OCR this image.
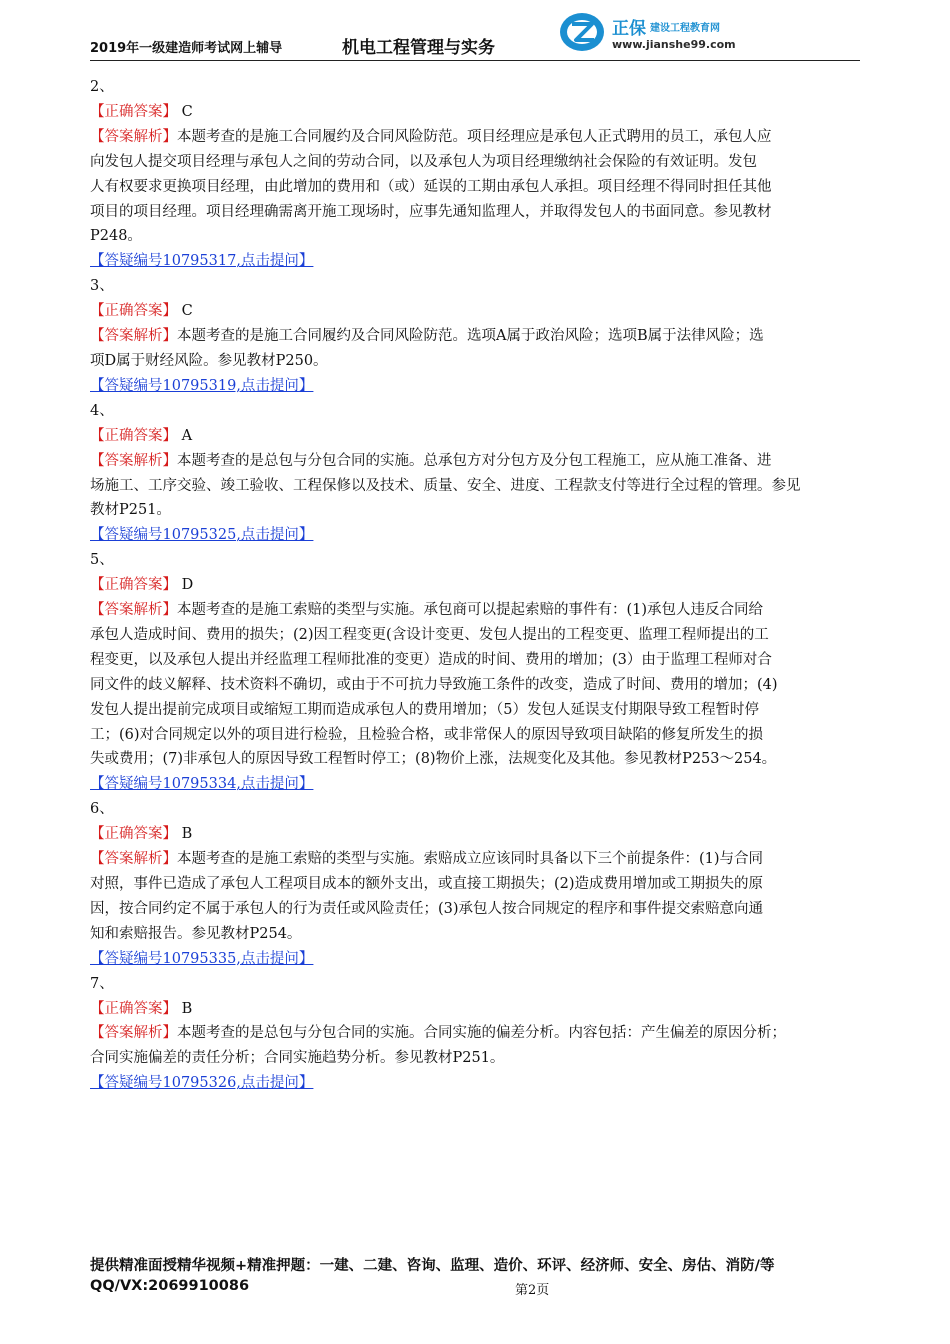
2019年一级建造师考试网上辅导	机电工程管理与实务
正保 建设工程教育网
www.jianshe99.com
2、
【正确答案】 C
【答案解析】本题考查的是施工合同履约及合同风险防范。项目经理应是承包人正式聘用的员工，承包人应
向发包人提交项目经理与承包人之间的劳动合同，以及承包人为项目经理缴纳社会保险的有效证明。发包
人有权要求更换项目经理，由此增加的费用和（或）延误的工期由承包人承担。项目经理不得同时担任其他
项目的项目经理。项目经理确需离开施工现场时，应事先通知监理人，并取得发包人的书面同意。参见教材
P248。
【答疑编号10795317,点击提问】
3、
【正确答案】 C
【答案解析】本题考查的是施工合同履约及合同风险防范。选项A属于政治风险；选项B属于法律风险；选
项D属于财经风险。参见教材P250。
【答疑编号10795319,点击提问】
4、
【正确答案】 A
【答案解析】本题考查的是总包与分包合同的实施。总承包方对分包方及分包工程施工，应从施工准备、进
场施工、工序交验、竣工验收、工程保修以及技术、质量、安全、进度、工程款支付等进行全过程的管理。参见
教材P251。
【答疑编号10795325,点击提问】
5、
【正确答案】 D
【答案解析】本题考查的是施工索赔的类型与实施。承包商可以提起索赔的事件有：(1)承包人违反合同给
承包人造成时间、费用的损失；(2)因工程变更(含设计变更、发包人提出的工程变更、监理工程师提出的工
程变更，以及承包人提出并经监理工程师批准的变更）造成的时间、费用的增加；(3）由于监理工程师对合
同文件的歧义解释、技术资料不确切，或由于不可抗力导致施工条件的改变，造成了时间、费用的增加；(4)
发包人提出提前完成项目或缩短工期而造成承包人的费用增加；（5）发包人延误支付期限导致工程暂时停
工；(6)对合同规定以外的项目进行检验，且检验合格，或非常保人的原因导致项目缺陷的修复所发生的损
失或费用；(7)非承包人的原因导致工程暂时停工；(8)物价上涨，法规变化及其他。参见教材P253～254。
【答疑编号10795334,点击提问】
6、
【正确答案】 B
【答案解析】本题考查的是施工索赔的类型与实施。索赔成立应该同时具备以下三个前提条件：(1)与合同
对照，事件已造成了承包人工程项目成本的额外支出，或直接工期损失；(2)造成费用增加或工期损失的原
因，按合同约定不属于承包人的行为责任或风险责任；(3)承包人按合同规定的程序和事件提交索赔意向通
知和索赔报告。参见教材P254。
【答疑编号10795335,点击提问】
7、
【正确答案】 B
【答案解析】本题考查的是总包与分包合同的实施。合同实施的偏差分析。内容包括：产生偏差的原因分析；
合同实施偏差的责任分析；合同实施趋势分析。参见教材P251。
【答疑编号10795326,点击提问】
提供精准面授精华视频+精准押题：一建、二建、咨询、监理、造价、环评、经济师、安全、房估、消防/等
QQ/VX:2069910086	第2页
